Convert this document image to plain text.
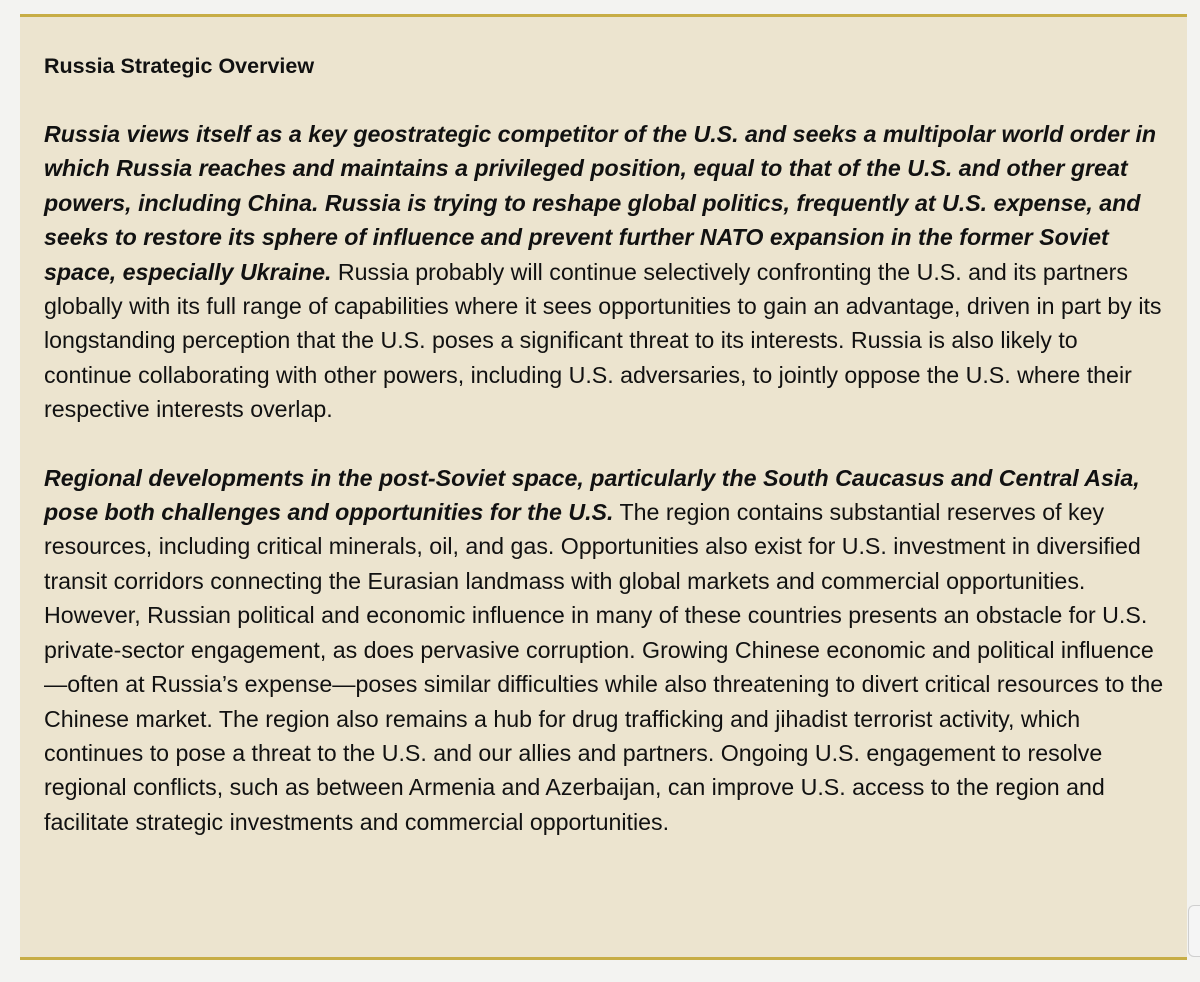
Russia Strategic Overview

Russia views itself as a key geostrategic competitor of the U.S. and seeks a multipolar world order in which Russia reaches and maintains a privileged position, equal to that of the U.S. and other great powers, including China. Russia is trying to reshape global politics, frequently at U.S. expense, and seeks to restore its sphere of influence and prevent further NATO expansion in the former Soviet space, especially Ukraine. Russia probably will continue selectively confronting the U.S. and its partners globally with its full range of capabilities where it sees opportunities to gain an advantage, driven in part by its longstanding perception that the U.S. poses a significant threat to its interests. Russia is also likely to continue collaborating with other powers, including U.S. adversaries, to jointly oppose the U.S. where their respective interests overlap.

Regional developments in the post-Soviet space, particularly the South Caucasus and Central Asia, pose both challenges and opportunities for the U.S. The region contains substantial reserves of key resources, including critical minerals, oil, and gas. Opportunities also exist for U.S. investment in diversified transit corridors connecting the Eurasian landmass with global markets and commercial opportunities. However, Russian political and economic influence in many of these countries presents an obstacle for U.S. private-sector engagement, as does pervasive corruption. Growing Chinese economic and political influence—often at Russia’s expense—poses similar difficulties while also threatening to divert critical resources to the Chinese market. The region also remains a hub for drug trafficking and jihadist terrorist activity, which continues to pose a threat to the U.S. and our allies and partners. Ongoing U.S. engagement to resolve regional conflicts, such as between Armenia and Azerbaijan, can improve U.S. access to the region and facilitate strategic investments and commercial opportunities.
